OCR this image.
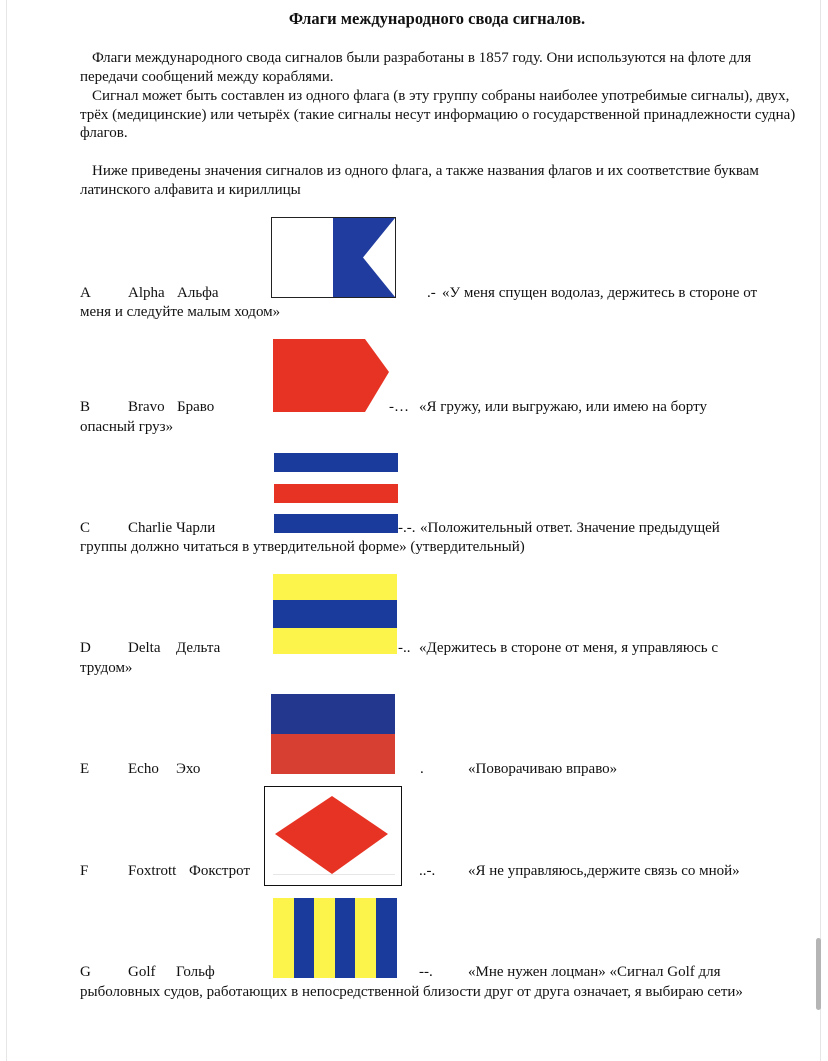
Флаги международного свода сигналов.

Флаги международного свода сигналов были разработаны в 1857 году. Они используются на флоте для передачи сообщений между кораблями.

Сигнал может быть составлен из одного флага (в эту группу собраны наиболее употребимые сигналы), двух, трёх (медицинские) или четырёх (такие сигналы несут информацию о государственной принадлежности судна) флагов.

Ниже приведены значения сигналов из одного флага, а также названия флагов и их соответствие буквам латинского алфавита и кириллицы

A Alpha Альфа	.- «У меня спущен водолаз, держитесь в стороне от
меня и следуйте малым ходом»
B	Bravo Браво	-… «Я гружу, или выгружаю, или имею на борту
опасный груз»
C	Charlie Чарли	-.-. «Положительный ответ. Значение предыдущей
группы должно читаться в утвердительной форме» (утвердительный)
D Delta Дельта	-.. «Держитесь в стороне от меня, я управляюсь с
трудом»
E	Echo Эхо	.	«Поворачиваю вправо»
F	Foxtrott Фокстрот	..-. «Я не управляюсь,держите связь со мной»
G Golf Гольф	--. «Мне нужен лоцман» «Сигнал Golf для
рыболовных судов, работающих в непосредственной близости друг от друга означает, я выбираю сети»
